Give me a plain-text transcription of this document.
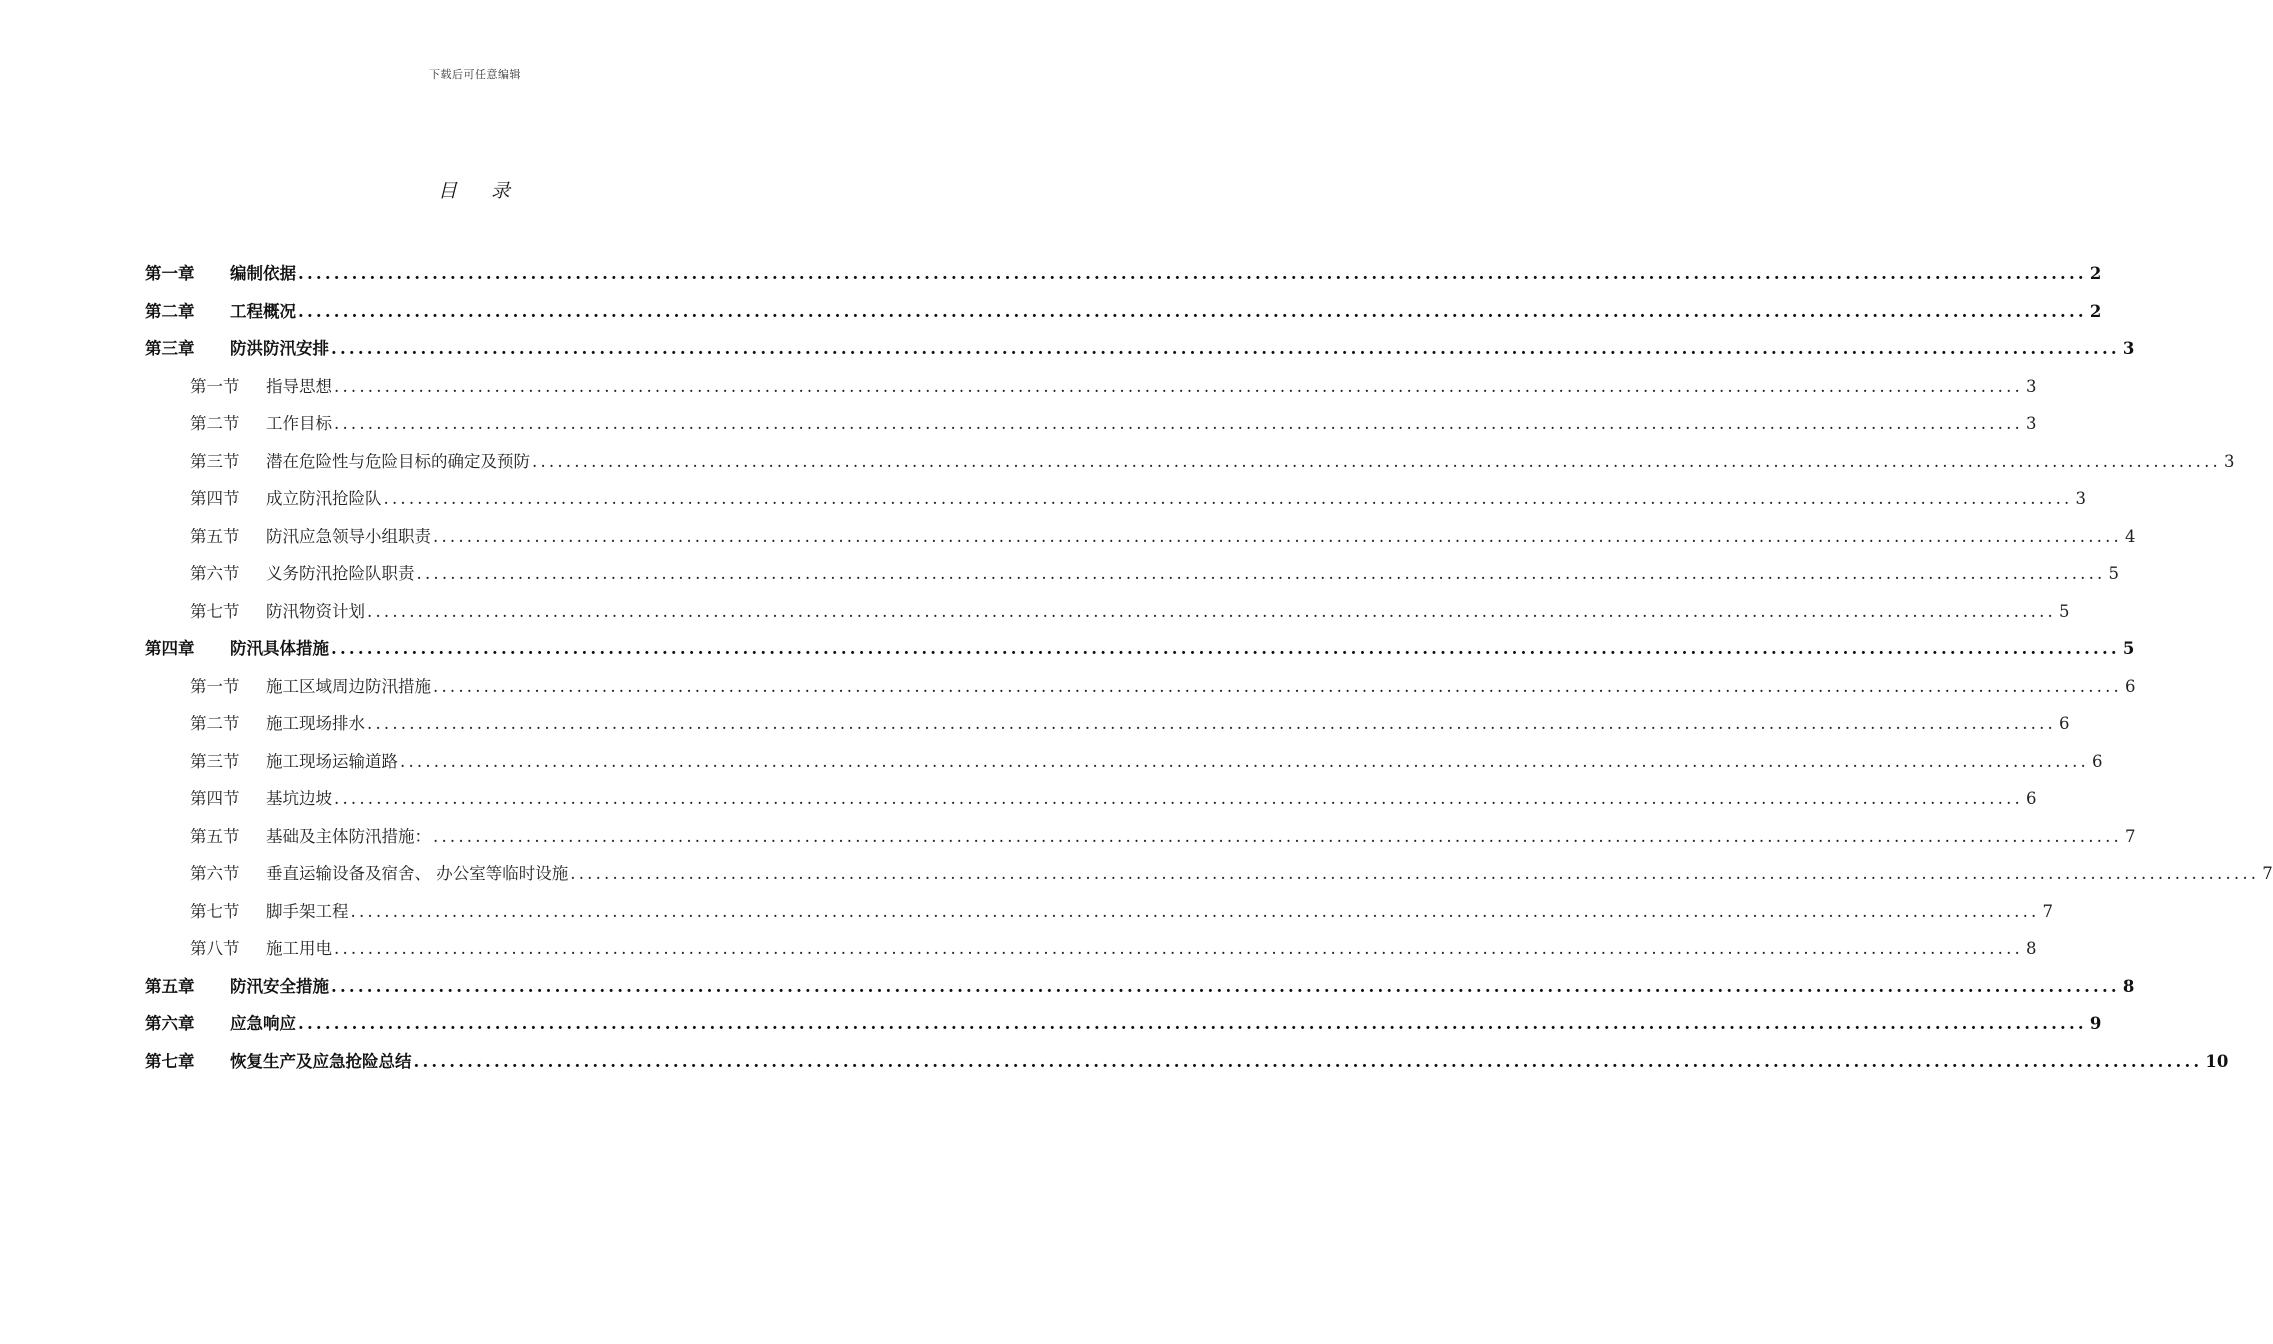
下载后可任意编辑
目 录
第一章	编制依据 ........................................................................................................................................................................................................ 2
第二章	工程概况 ........................................................................................................................................................................................................ 2
第三章	防洪防汛安排 ........................................................................................................................................................................................................ 3
第一节	指导思想 ........................................................................................................................................................................................................ 3
第二节	工作目标 ........................................................................................................................................................................................................ 3
第三节	潜在危险性与危险目标的确定及预防 ........................................................................................................................................................................................................ 3
第四节	成立防汛抢险队 ........................................................................................................................................................................................................ 3
第五节	防汛应急领导小组职责 ........................................................................................................................................................................................................ 4
第六节	义务防汛抢险队职责 ........................................................................................................................................................................................................ 5
第七节	防汛物资计划 ........................................................................................................................................................................................................ 5
第四章	防汛具体措施 ........................................................................................................................................................................................................ 5
第一节	施工区域周边防汛措施 ........................................................................................................................................................................................................ 6
第二节	施工现场排水 ........................................................................................................................................................................................................ 6
第三节	施工现场运输道路 ........................................................................................................................................................................................................ 6
第四节	基坑边坡 ........................................................................................................................................................................................................ 6
第五节	基础及主体防汛措施： ........................................................................................................................................................................................................ 7
第六节	垂直运输设备及宿舍、 办公室等临时设施 ........................................................................................................................................................................................................ 7
第七节	脚手架工程 ........................................................................................................................................................................................................ 7
第八节	施工用电 ........................................................................................................................................................................................................ 8
第五章	防汛安全措施 ........................................................................................................................................................................................................ 8
第六章	应急响应 ........................................................................................................................................................................................................ 9
第七章	恢复生产及应急抢险总结 ........................................................................................................................................................................................................ 10
